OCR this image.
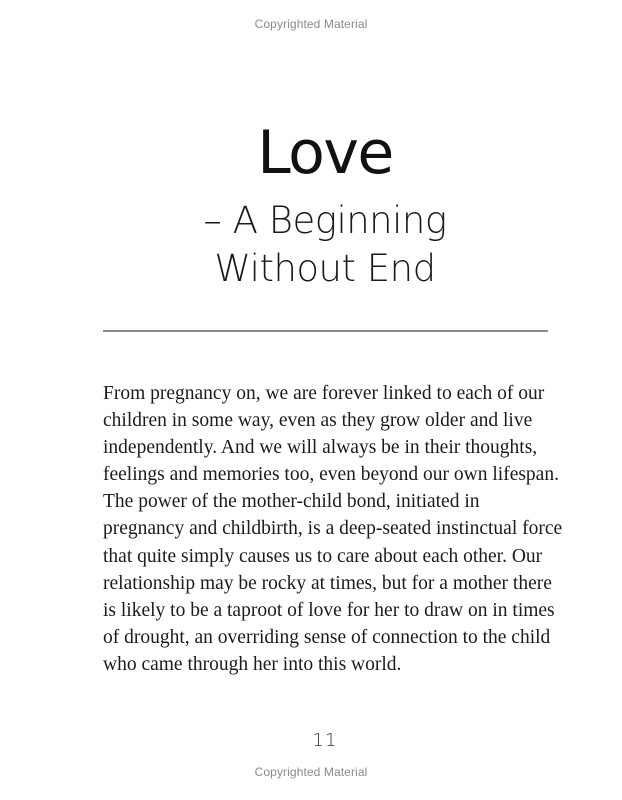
Copyrighted Material
Love
– A Beginning
Without End

From pregnancy on, we are forever linked to each of our children in some way, even as they grow older and live independently. And we will always be in their thoughts, feelings and memories too, even beyond our own lifespan. The power of the mother-child bond, initiated in pregnancy and childbirth, is a deep-seated instinctual force that quite simply causes us to care about each other. Our relationship may be rocky at times, but for a mother there is likely to be a taproot of love for her to draw on in times of drought, an overriding sense of connection to the child who came through her into this world.

11
Copyrighted Material
